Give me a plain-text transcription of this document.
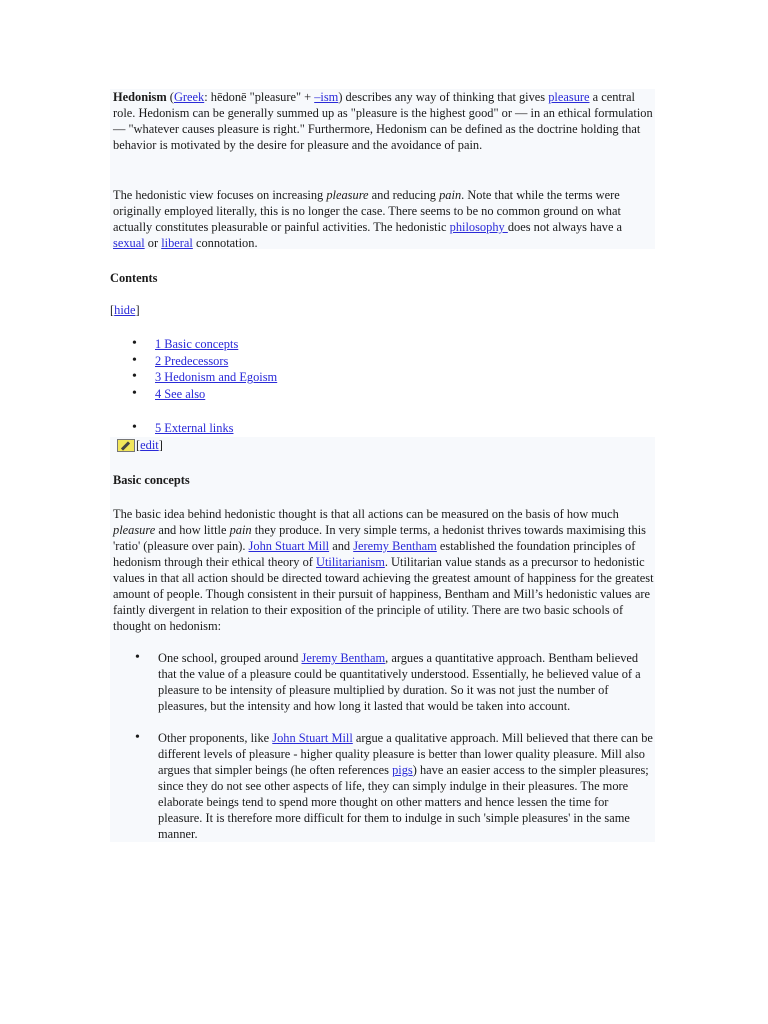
Hedonism (Greek: hēdonē "pleasure" + –ism) describes any way of thinking that gives pleasure a central role. Hedonism can be generally summed up as "pleasure is the highest good" or — in an ethical formulation — "whatever causes pleasure is right." Furthermore, Hedonism can be defined as the doctrine holding that behavior is motivated by the desire for pleasure and the avoidance of pain.

The hedonistic view focuses on increasing pleasure and reducing pain. Note that while the terms were originally employed literally, this is no longer the case. There seems to be no common ground on what actually constitutes pleasurable or painful activities. The hedonistic philosophy does not always have a sexual or liberal connotation.

Contents
[hide]
• 1 Basic concepts
• 2 Predecessors
• 3 Hedonism and Egoism
• 4 See also
• 5 External links
[ edit ]
Basic concepts

The basic idea behind hedonistic thought is that all actions can be measured on the basis of how much pleasure and how little pain they produce. In very simple terms, a hedonist thrives towards maximising this 'ratio' (pleasure over pain). John Stuart Mill and Jeremy Bentham established the foundation principles of hedonism through their ethical theory of Utilitarianism. Utilitarian value stands as a precursor to hedonistic values in that all action should be directed toward achieving the greatest amount of happiness for the greatest amount of people. Though consistent in their pursuit of happiness, Bentham and Mill’s hedonistic values are faintly divergent in relation to their exposition of the principle of utility. There are two basic schools of thought on hedonism:

• One school, grouped around Jeremy Bentham, argues a quantitative approach. Bentham believed that the value of a pleasure could be quantitatively understood. Essentially, he believed value of a pleasure to be intensity of pleasure multiplied by duration. So it was not just the number of pleasures, but the intensity and how long it lasted that would be taken into account.
• Other proponents, like John Stuart Mill argue a qualitative approach. Mill believed that there can be different levels of pleasure - higher quality pleasure is better than lower quality pleasure. Mill also argues that simpler beings (he often references pigs) have an easier access to the simpler pleasures; since they do not see other aspects of life, they can simply indulge in their pleasures. The more elaborate beings tend to spend more thought on other matters and hence lessen the time for pleasure. It is therefore more difficult for them to indulge in such 'simple pleasures' in the same manner.
